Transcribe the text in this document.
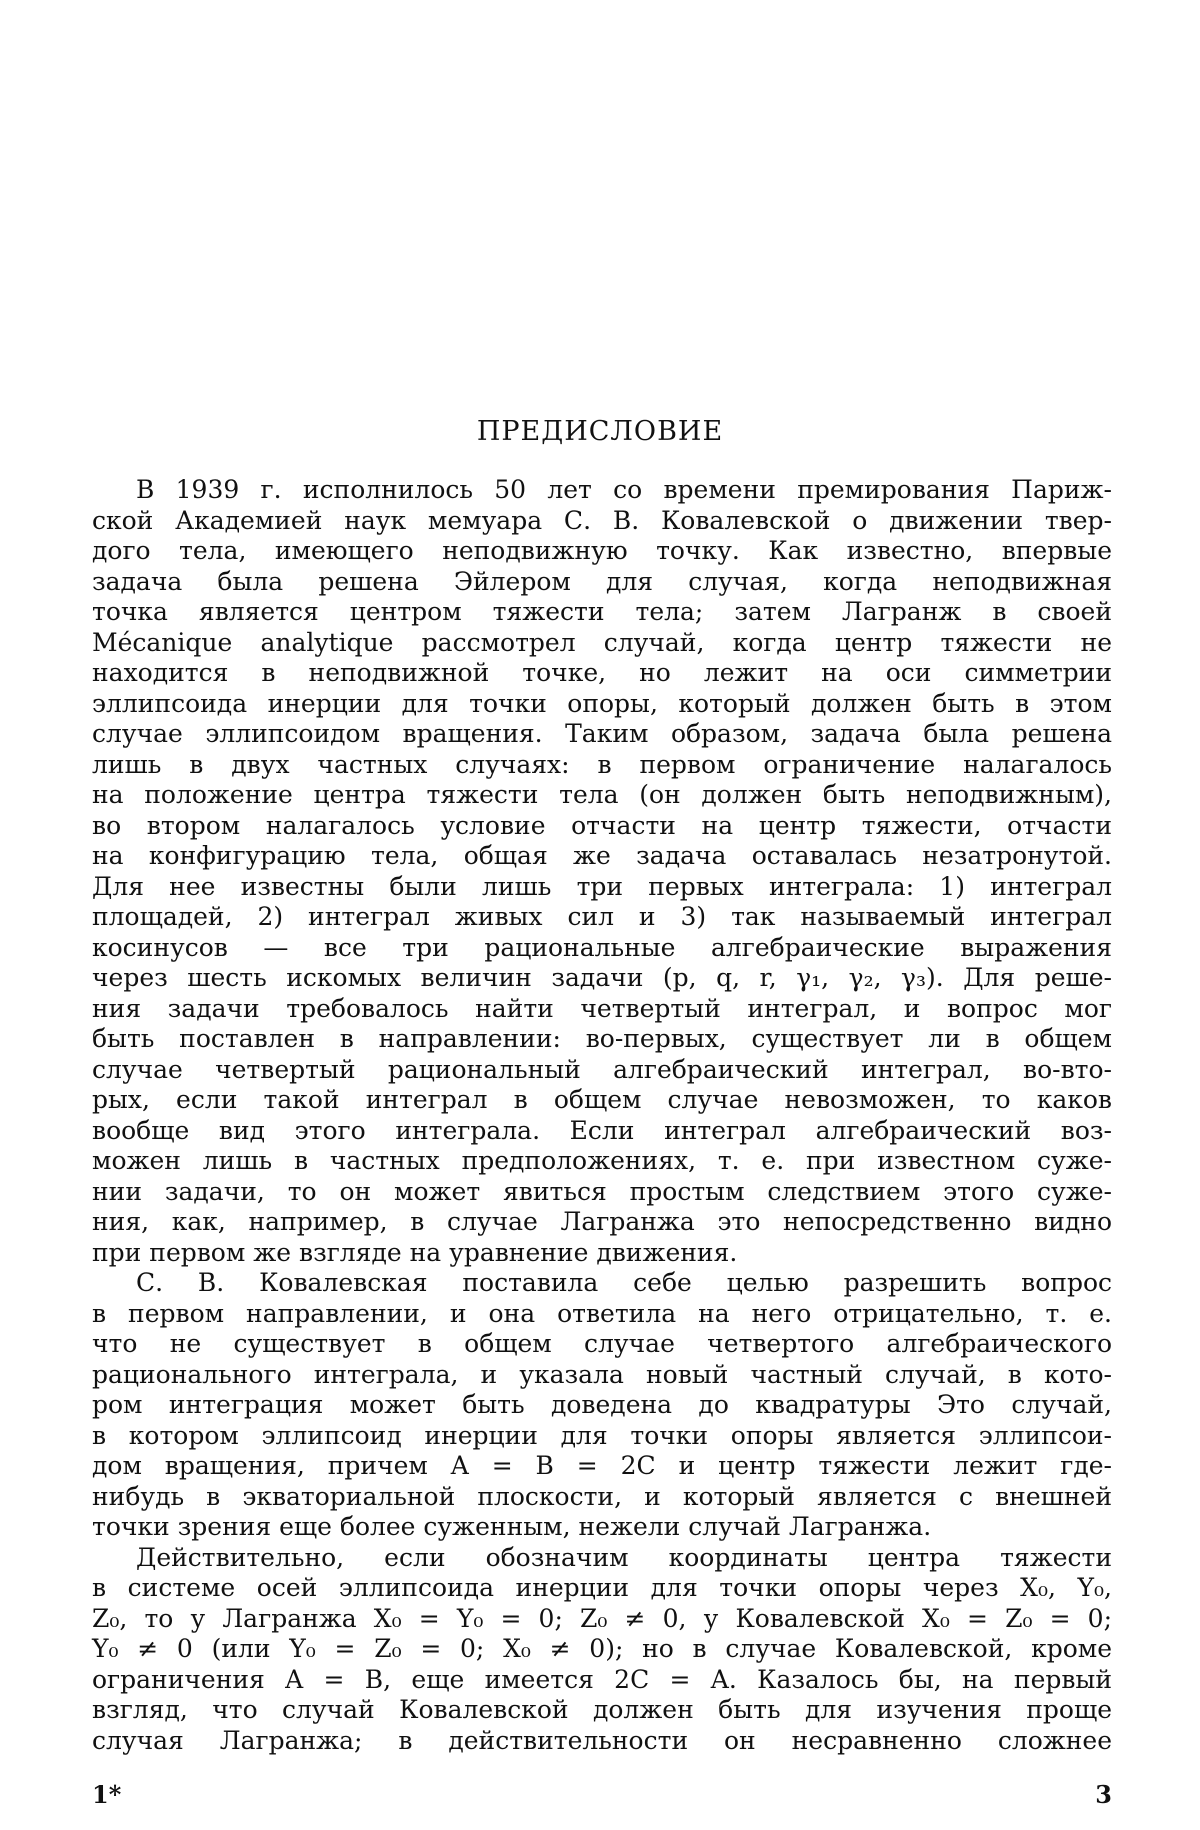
ПРЕДИСЛОВИЕ
В 1939 г. исполнилось 50 лет со времени премирования Париж-
ской Академией наук мемуара С. В. Ковалевской о движении твер-
дого тела, имеющего неподвижную точку. Как известно, впервые
задача была решена Эйлером для случая, когда неподвижная
точка является центром тяжести тела; затем Лагранж в своей
Mécanique analytique рассмотрел случай, когда центр тяжести не
находится в неподвижной точке, но лежит на оси симметрии
эллипсоида инерции для точки опоры, который должен быть в этом
случае эллипсоидом вращения. Таким образом, задача была решена
лишь в двух частных случаях: в первом ограничение налагалось
на положение центра тяжести тела (он должен быть неподвижным),
во втором налагалось условие отчасти на центр тяжести, отчасти
на конфигурацию тела, общая же задача оставалась незатронутой.
Для нее известны были лишь три первых интеграла: 1) интеграл
площадей, 2) интеграл живых сил и 3) так называемый интеграл
косинусов — все три рациональные алгебраические выражения
через шесть искомых величин задачи (p, q, r, γ₁, γ₂, γ₃). Для реше-
ния задачи требовалось найти четвертый интеграл, и вопрос мог
быть поставлен в направлении: во-первых, существует ли в общем
случае четвертый рациональный алгебраический интеграл, во-вто-
рых, если такой интеграл в общем случае невозможен, то каков
вообще вид этого интеграла. Если интеграл алгебраический воз-
можен лишь в частных предположениях, т. е. при известном суже-
нии задачи, то он может явиться простым следствием этого суже-
ния, как, например, в случае Лагранжа это непосредственно видно
при первом же взгляде на уравнение движения.
С. В. Ковалевская поставила себе целью разрешить вопрос
в первом направлении, и она ответила на него отрицательно, т. е.
что не существует в общем случае четвертого алгебраического
рационального интеграла, и указала новый частный случай, в кото-
ром интеграция может быть доведена до квадратуры Это случай,
в котором эллипсоид инерции для точки опоры является эллипсои-
дом вращения, причем A = B = 2C и центр тяжести лежит где-
нибудь в экваториальной плоскости, и который является с внешней
точки зрения еще более суженным, нежели случай Лагранжа.
Действительно, если обозначим координаты центра тяжести
в системе осей эллипсоида инерции для точки опоры через X₀, Y₀,
Z₀, то у Лагранжа X₀ = Y₀ = 0; Z₀ ≠ 0, у Ковалевской X₀ = Z₀ = 0;
Y₀ ≠ 0 (или Y₀ = Z₀ = 0; X₀ ≠ 0); но в случае Ковалевской, кроме
ограничения A = B, еще имеется 2C = A. Казалось бы, на первый
взгляд, что случай Ковалевской должен быть для изучения проще
случая Лагранжа; в действительности он несравненно сложнее
1*	3
